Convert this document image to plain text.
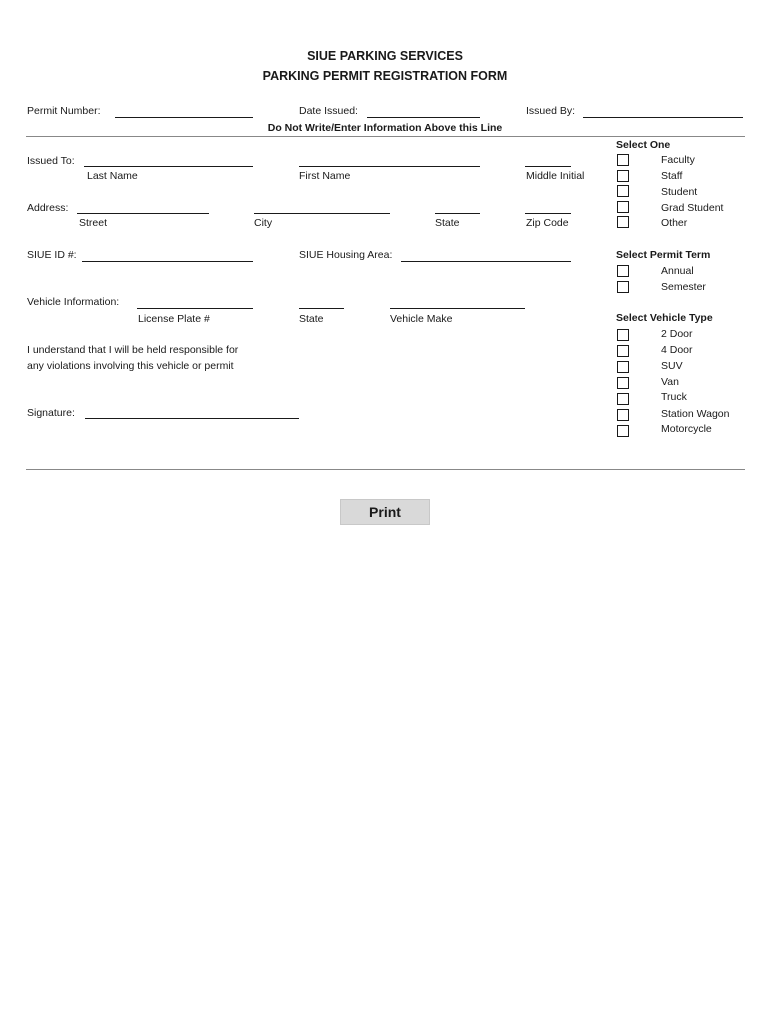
SIUE PARKING SERVICES
PARKING PERMIT REGISTRATION FORM
Permit Number:	Date Issued:	Issued By:
Do Not Write/Enter Information Above this Line
Issued To:
Last Name	First Name	Middle Initial
Address:
Street	City	State	Zip Code
SIUE ID #:	SIUE Housing Area:
Vehicle Information:
License Plate #	State	Vehicle Make
I understand that I will be held responsible for
any violations involving this vehicle or permit
Signature:
Select One
Faculty
Staff
Student
Grad Student
Other
Select Permit Term
Annual
Semester
Select Vehicle Type
2 Door
4 Door
SUV
Van
Truck
Station Wagon
Motorcycle
Print
